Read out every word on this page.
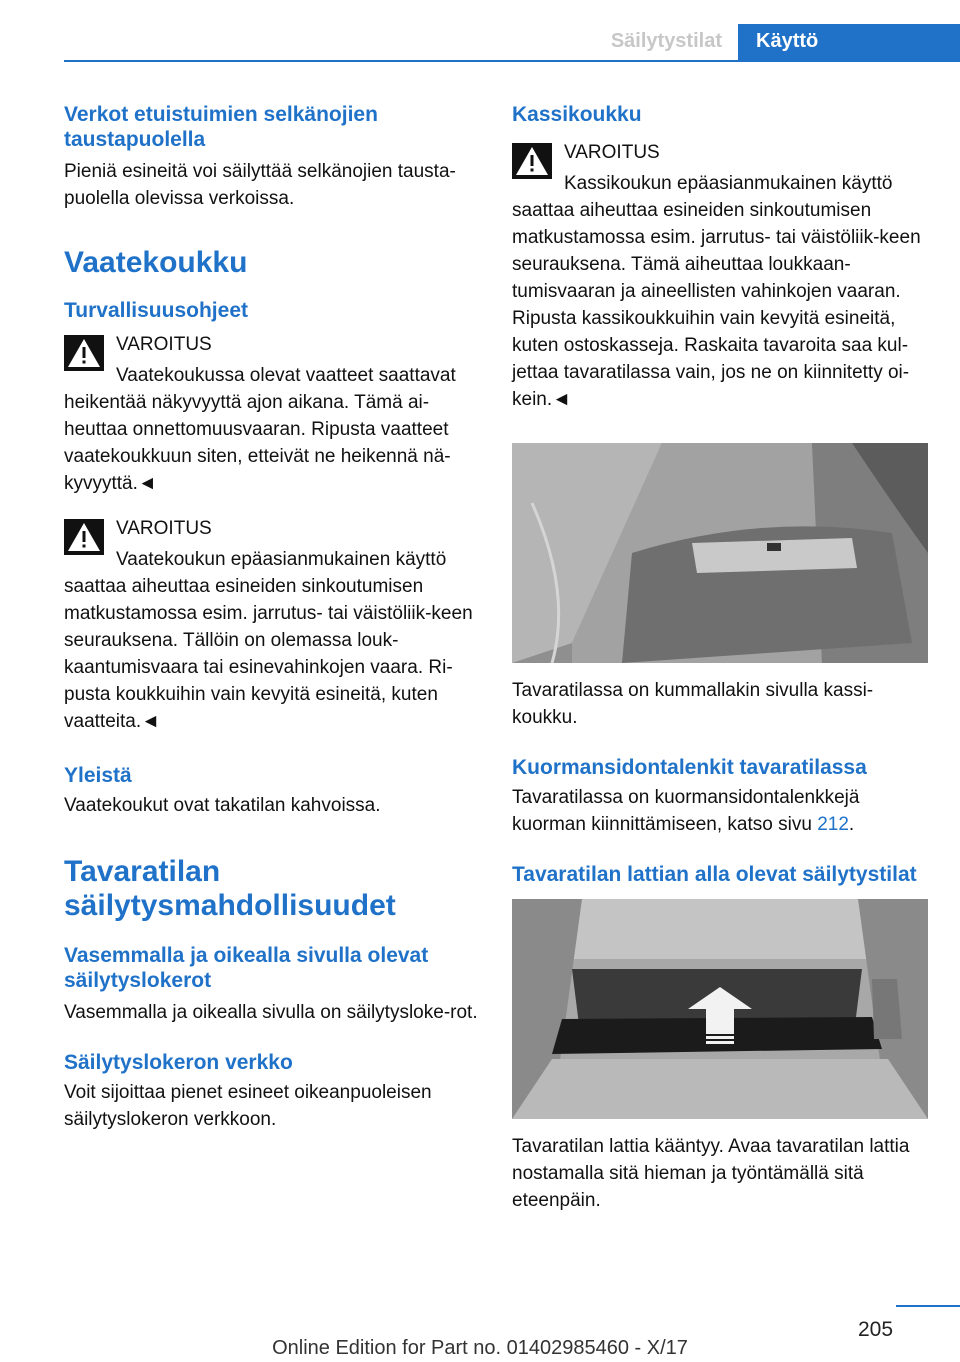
Säilytystilat	Käyttö
Verkot etuistuimien selkänojien taustapuolella

Pieniä esineitä voi säilyttää selkänojien tausta-puolella olevissa verkoissa.

Vaatekoukku
Turvallisuusohjeet

VAROITUS

Vaatekoukussa olevat vaatteet saattavat

heikentää näkyvyyttä ajon aikana. Tämä ai-heuttaa onnettomuusvaaran. Ripusta vaatteet vaatekoukkuun siten, etteivät ne heikennä nä-kyvyyttä.◄

VAROITUS

Vaatekoukun epäasianmukainen käyttö

saattaa aiheuttaa esineiden sinkoutumisen matkustamossa esim. jarrutus- tai väistöliik-keen seurauksena. Tällöin on olemassa louk-kaantumisvaara tai esinevahinkojen vaara. Ri-pusta koukkuihin vain kevyitä esineitä, kuten vaatteita.◄

Yleistä

Vaatekoukut ovat takatilan kahvoissa.

Tavaratilan säilytysmahdollisuudet
Vasemmalla ja oikealla sivulla olevat säilytyslokerot

Vasemmalla ja oikealla sivulla on säilytysloke-rot.

Säilytyslokeron verkko

Voit sijoittaa pienet esineet oikeanpuoleisen säilytyslokeron verkkoon.

Kassikoukku

VAROITUS

Kassikoukun epäasianmukainen käyttö

saattaa aiheuttaa esineiden sinkoutumisen matkustamossa esim. jarrutus- tai väistöliik-keen seurauksena. Tämä aiheuttaa loukkaan-tumisvaaran ja aineellisten vahinkojen vaaran. Ripusta kassikoukkuihin vain kevyitä esineitä, kuten ostoskasseja. Raskaita tavaroita saa kul-jettaa tavaratilassa vain, jos ne on kiinnitetty oi-kein.◄

Tavaratilassa on kummallakin sivulla kassi-koukku.

Kuormansidontalenkit tavaratilassa

Tavaratilassa on kuormansidontalenkkejä kuorman kiinnittämiseen, katso sivu 212.

Tavaratilan lattian alla olevat säilytystilat

Tavaratilan lattia kääntyy. Avaa tavaratilan lattia nostamalla sitä hieman ja työntämällä sitä eteenpäin.

205
Online Edition for Part no. 01402985460 - X/17
